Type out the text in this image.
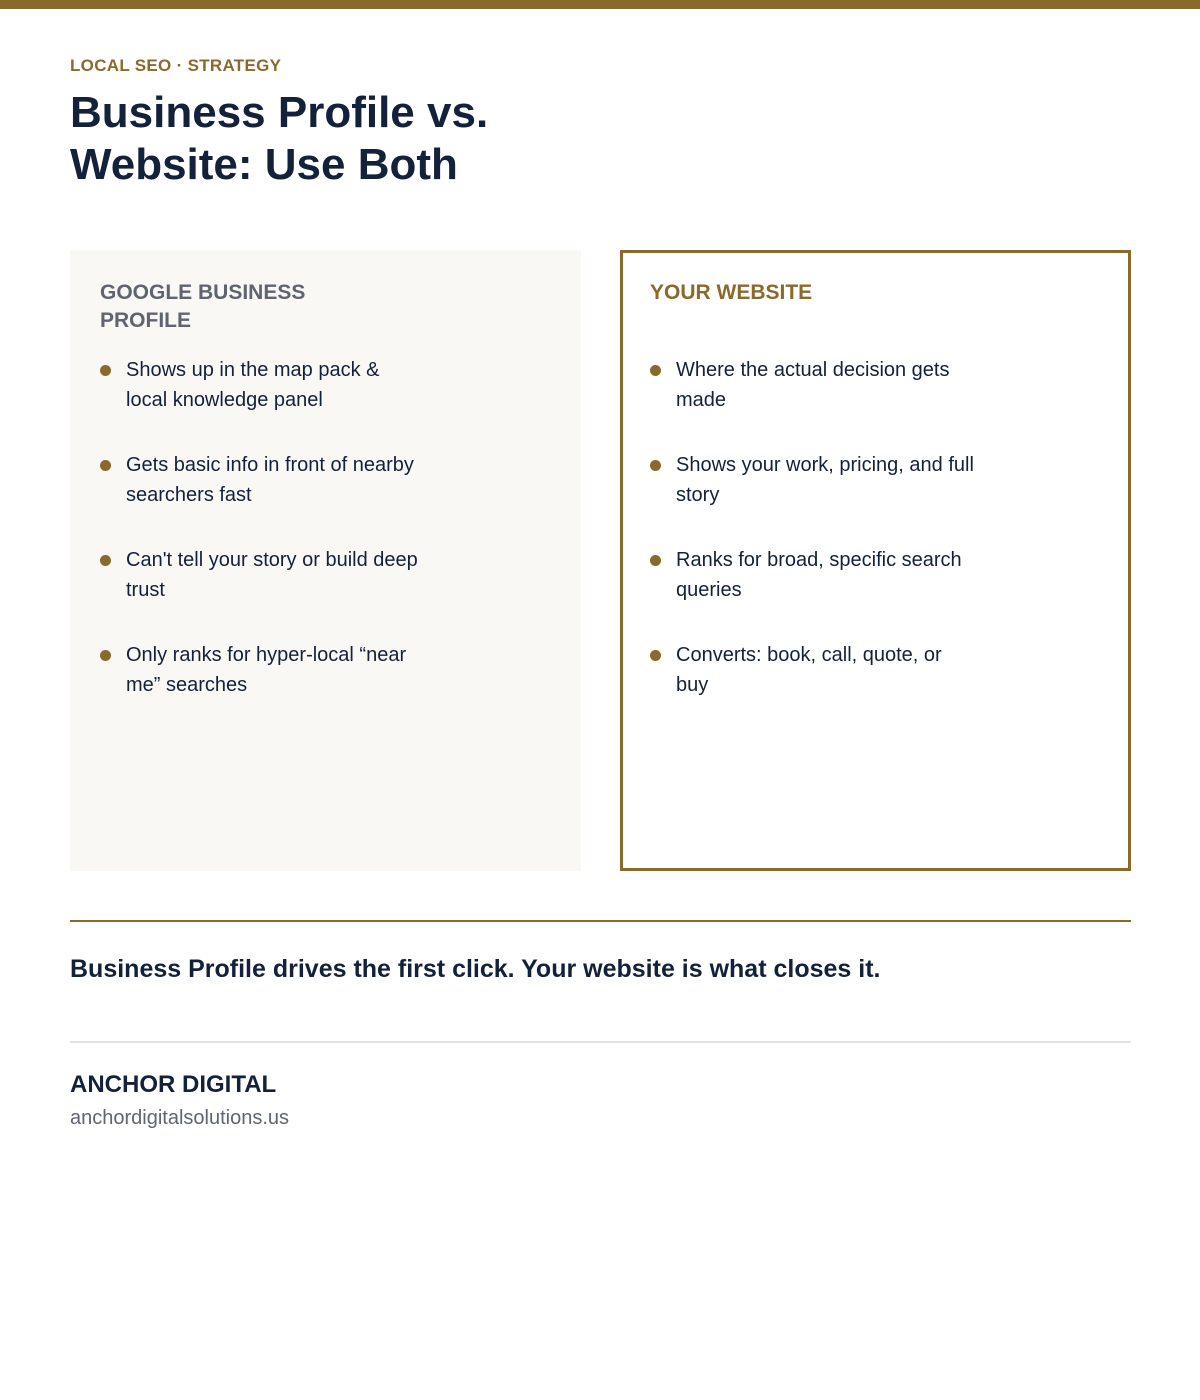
LOCAL SEO · STRATEGY
Business Profile vs. Website: Use Both
GOOGLE BUSINESS PROFILE
Shows up in the map pack & local knowledge panel
Gets basic info in front of nearby searchers fast
Can't tell your story or build deep trust
Only ranks for hyper-local “near me” searches
YOUR WEBSITE
Where the actual decision gets made
Shows your work, pricing, and full story
Ranks for broad, specific search queries
Converts: book, call, quote, or buy
Business Profile drives the first click. Your website is what closes it.
ANCHOR DIGITAL
anchordigitalsolutions.us
